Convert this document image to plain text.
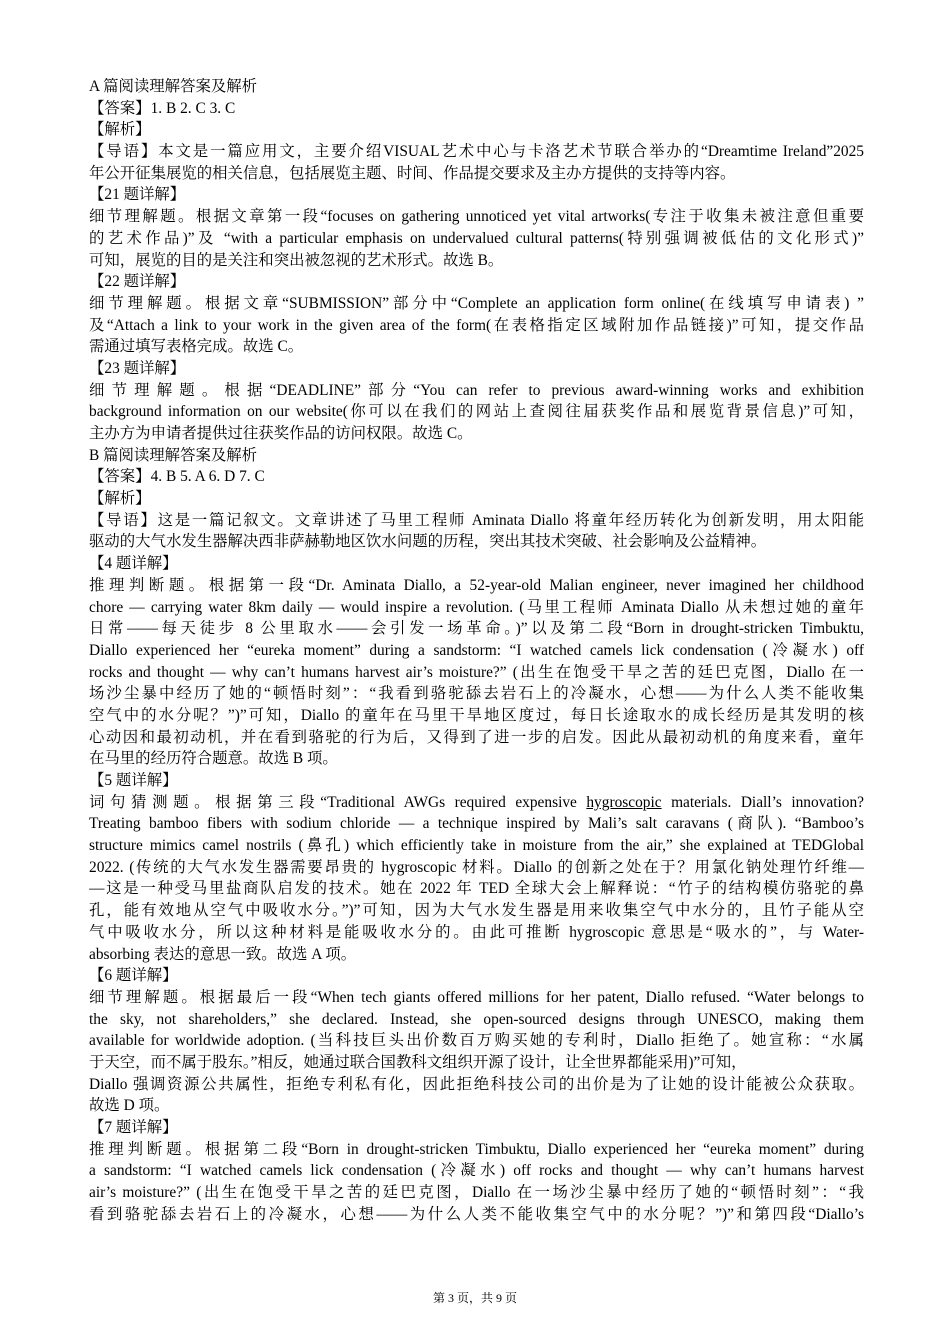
A 篇阅读理解答案及解析
【答案】1. B 2. C 3. C
【解析】
【导语】本文是一篇应用文，主要介绍VISUAL艺术中心与卡洛艺术节联合举办的“Dreamtime Ireland”2025
年公开征集展览的相关信息，包括展览主题、时间、作品提交要求及主办方提供的支持等内容。
【21 题详解】
细节理解题。根据文章第一段“focuses on gathering unnoticed yet vital artworks(专注于收集未被注意但重要
的艺术作品)”及 “with a particular emphasis on undervalued cultural patterns(特别强调被低估的文化形式)”
可知，展览的目的是关注和突出被忽视的艺术形式。故选 B。
【22 题详解】
细节理解题。根据文章“SUBMISSION”部分中“Complete an application form online(在线填写申请表) ”
及“Attach a link to your work in the given area of the form(在表格指定区域附加作品链接)”可知，提交作品
需通过填写表格完成。故选 C。
【23 题详解】
细节理解题。根据“DEADLINE”部分“You can refer to previous award-winning works and exhibition
background information on our website(你可以在我们的网站上查阅往届获奖作品和展览背景信息)”可知，
主办方为申请者提供过往获奖作品的访问权限。故选 C。
B 篇阅读理解答案及解析
【答案】4. B 5. A 6. D 7. C
【解析】
【导语】这是一篇记叙文。文章讲述了马里工程师 Aminata Diallo 将童年经历转化为创新发明，用太阳能
驱动的大气水发生器解决西非萨赫勒地区饮水问题的历程，突出其技术突破、社会影响及公益精神。
【4 题详解】
推理判断题。根据第一段“Dr. Aminata Diallo, a 52-year-old Malian engineer, never imagined her childhood
chore — carrying water 8km daily — would inspire a revolution. (马里工程师 Aminata Diallo 从未想过她的童年
日常——每天徒步 8 公里取水——会引发一场革命。)”以及第二段“Born in drought-stricken Timbuktu,
Diallo experienced her “eureka moment” during a sandstorm: “I watched camels lick condensation (冷凝水) off
rocks and thought — why can’t humans harvest air’s moisture?” (出生在饱受干旱之苦的廷巴克图，Diallo 在一
场沙尘暴中经历了她的“顿悟时刻”：“我看到骆驼舔去岩石上的冷凝水，心想——为什么人类不能收集
空气中的水分呢？”)”可知，Diallo 的童年在马里干旱地区度过，每日长途取水的成长经历是其发明的核
心动因和最初动机，并在看到骆驼的行为后，又得到了进一步的启发。因此从最初动机的角度来看，童年
在马里的经历符合题意。故选 B 项。
【5 题详解】
词句猜测题。根据第三段“Traditional AWGs required expensive hygroscopic materials. Diall’s innovation?
Treating bamboo fibers with sodium chloride — a technique inspired by Mali’s salt caravans (商队). “Bamboo’s
structure mimics camel nostrils (鼻孔) which efficiently take in moisture from the air,” she explained at TEDGlobal
2022. (传统的大气水发生器需要昂贵的 hygroscopic 材料。Diallo 的创新之处在于？用氯化钠处理竹纤维—
—这是一种受马里盐商队启发的技术。她在 2022 年 TED 全球大会上解释说：“竹子的结构模仿骆驼的鼻
孔，能有效地从空气中吸收水分。”)”可知，因为大气水发生器是用来收集空气中水分的，且竹子能从空
气中吸收水分，所以这种材料是能吸收水分的。由此可推断 hygroscopic 意思是“吸水的”，与 Water-
absorbing 表达的意思一致。故选 A 项。
【6 题详解】
细节理解题。根据最后一段“When tech giants offered millions for her patent, Diallo refused. “Water belongs to
the sky, not shareholders,” she declared. Instead, she open-sourced designs through UNESCO, making them
available for worldwide adoption. (当科技巨头出价数百万购买她的专利时，Diallo 拒绝了。她宣称：“水属
于天空，而不属于股东。”相反，她通过联合国教科文组织开源了设计，让全世界都能采用)”可知，
Diallo 强调资源公共属性，拒绝专利私有化，因此拒绝科技公司的出价是为了让她的设计能被公众获取。
故选 D 项。
【7 题详解】
推理判断题。根据第二段“Born in drought-stricken Timbuktu, Diallo experienced her “eureka moment” during
a sandstorm: “I watched camels lick condensation (冷凝水) off rocks and thought — why can’t humans harvest
air’s moisture?” (出生在饱受干旱之苦的廷巴克图，Diallo 在一场沙尘暴中经历了她的“顿悟时刻”：“我
看到骆驼舔去岩石上的冷凝水，心想——为什么人类不能收集空气中的水分呢？”)”和第四段“Diallo’s
第 3 页，共 9 页
